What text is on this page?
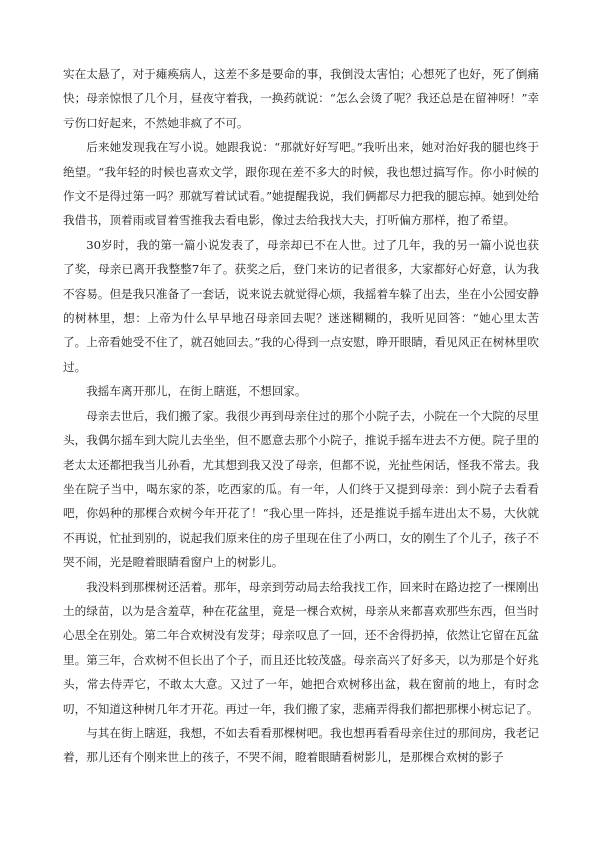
实在太悬了，对于瘫痪病人，这差不多是要命的事，我倒没太害怕；心想死了也好，死了倒痛快；母亲惊恨了几个月，昼夜守着我，一换药就说：“怎么会烫了呢？我还总是在留神呀！”幸亏伤口好起来，不然她非疯了不可。

后来她发现我在写小说。她跟我说：“那就好好写吧。”我听出来，她对治好我的腿也终于绝望。“我年轻的时候也喜欢文学，跟你现在差不多大的时候，我也想过搞写作。你小时候的作文不是得过第一吗？那就写着试试看。”她提醒我说，我们俩都尽力把我的腿忘掉。她到处给我借书，顶着雨或冒着雪推我去看电影，像过去给我找大夫，打听偏方那样，抱了希望。

30岁时，我的第一篇小说发表了，母亲却已不在人世。过了几年，我的另一篇小说也获了奖，母亲已离开我整整7年了。获奖之后，登门来访的记者很多，大家都好心好意，认为我不容易。但是我只准备了一套话，说来说去就觉得心烦，我摇着车躲了出去，坐在小公园安静的树林里，想：上帝为什么早早地召母亲回去呢？迷迷糊糊的，我听见回答：“她心里太苦了。上帝看她受不住了，就召她回去。”我的心得到一点安慰，睁开眼睛，看见风正在树林里吹过。

我摇车离开那儿，在街上瞎逛，不想回家。

母亲去世后，我们搬了家。我很少再到母亲住过的那个小院子去，小院在一个大院的尽里头，我偶尔摇车到大院儿去坐坐，但不愿意去那个小院子，推说手摇车进去不方便。院子里的老太太还都把我当儿孙看，尤其想到我又没了母亲，但都不说，光扯些闲话，怪我不常去。我坐在院子当中，喝东家的茶，吃西家的瓜。有一年，人们终于又提到母亲：到小院子去看看吧，你妈种的那棵合欢树今年开花了！“我心里一阵抖，还是推说手摇车进出太不易，大伙就不再说，忙扯到别的，说起我们原来住的房子里现在住了小两口，女的刚生了个儿子，孩子不哭不闹，光是瞪着眼睛看窗户上的树影儿。

我没料到那棵树还活着。那年，母亲到劳动局去给我找工作，回来时在路边挖了一棵刚出土的绿苗，以为是含羞草，种在花盆里，竟是一棵合欢树，母亲从来都喜欢那些东西，但当时心思全在别处。第二年合欢树没有发芽；母亲叹息了一回，还不舍得扔掉，依然让它留在瓦盆里。第三年，合欢树不但长出了个子，而且还比较茂盛。母亲高兴了好多天，以为那是个好兆头，常去侍弄它，不敢太大意。又过了一年，她把合欢树移出盆，栽在窗前的地上，有时念叨，不知道这种树几年才开花。再过一年，我们搬了家，悲痛弄得我们都把那棵小树忘记了。

与其在街上瞎逛，我想，不如去看看那棵树吧。我也想再看看母亲住过的那间房，我老记着，那儿还有个刚来世上的孩子，不哭不闹，瞪着眼睛看树影儿，是那棵合欢树的影子
